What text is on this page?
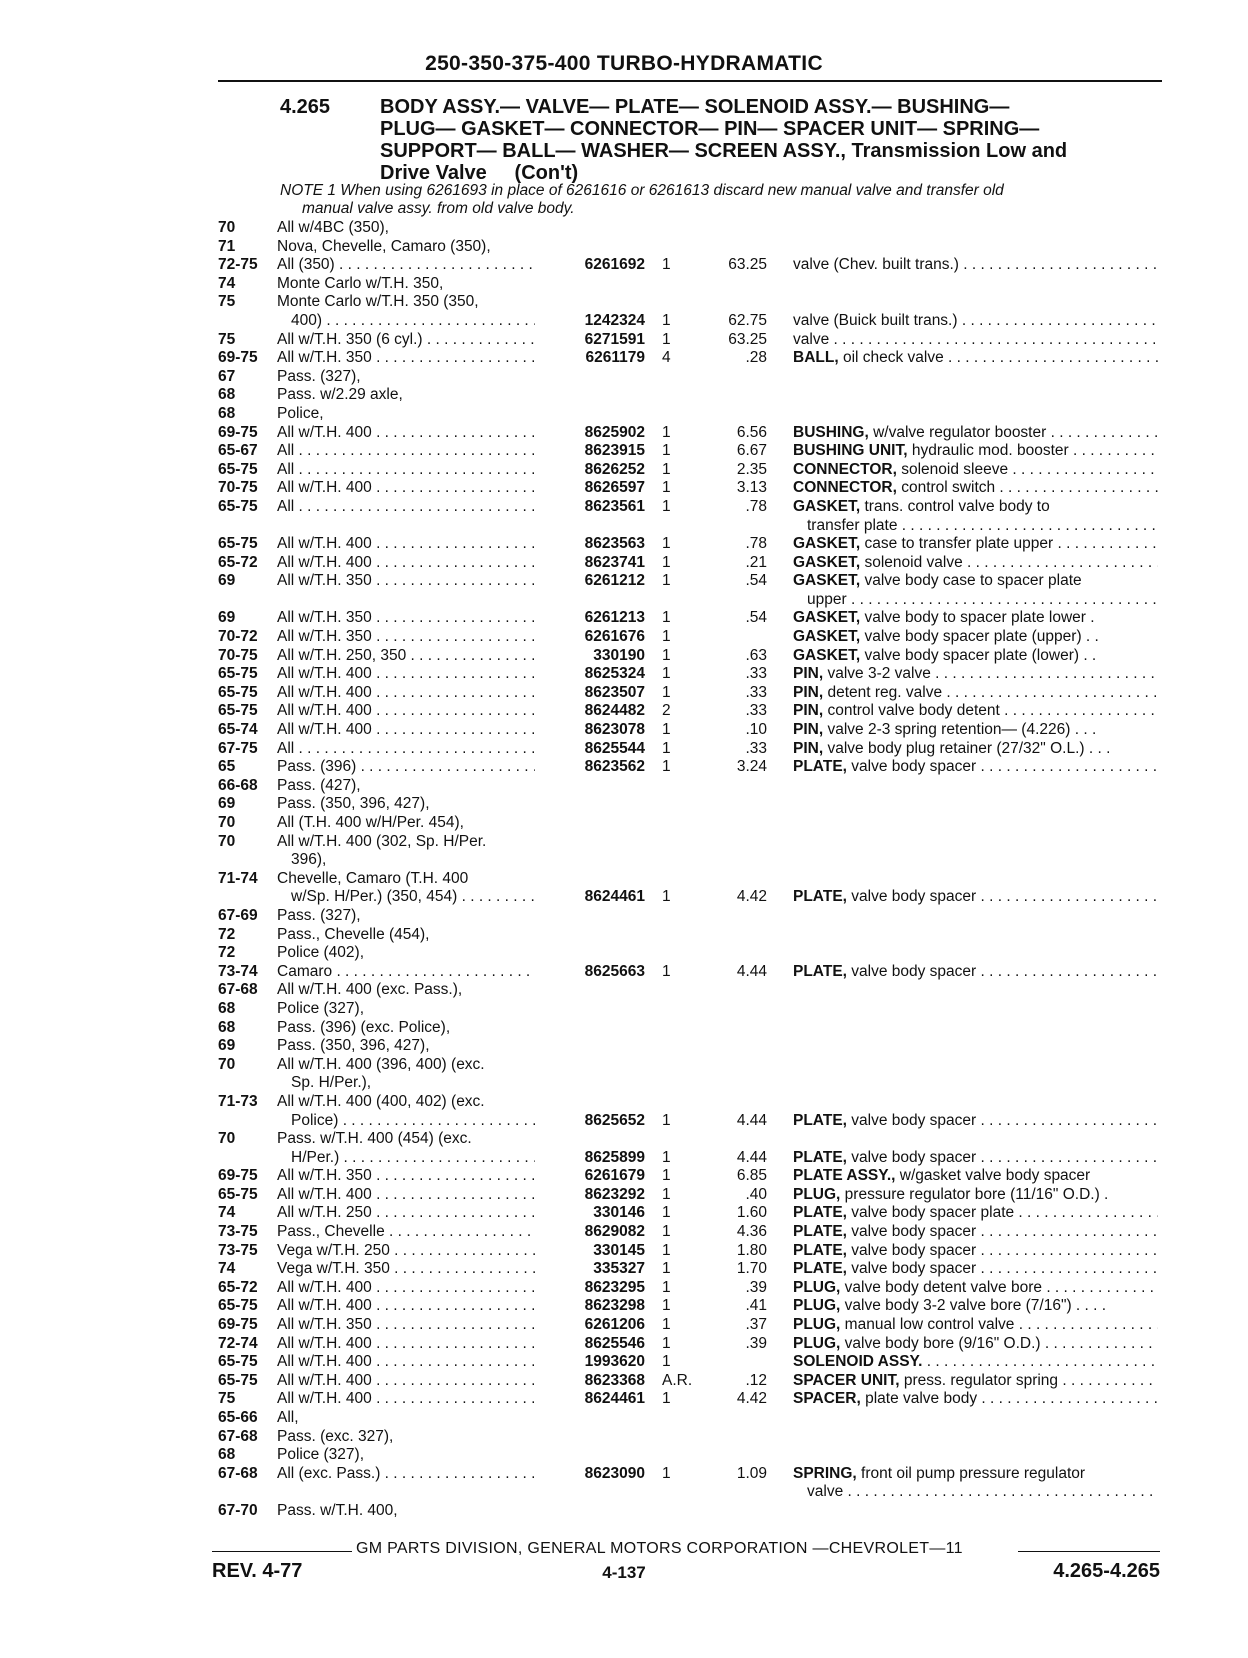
250-350-375-400 TURBO-HYDRAMATIC
4.265 BODY ASSY.— VALVE— PLATE— SOLENOID ASSY.— BUSHING—
PLUG— GASKET— CONNECTOR— PIN— SPACER UNIT— SPRING—
SUPPORT— BALL— WASHER— SCREEN ASSY., Transmission Low and
Drive Valve     (Con't)
NOTE 1 When using 6261693 in place of 6261616 or 6261613 discard new manual valve and transfer old
manual valve assy. from old valve body.
70	All w/4BC (350),
71	Nova, Chevelle, Camaro (350),
72-75 All (350) . . .	6261692 1	63.25 valve (Chev. built trans.) . . .
74	Monte Carlo w/T.H. 350,
75	Monte Carlo w/T.H. 350 (350,
400) . . .	1242324 1	62.75 valve (Buick built trans.) . . .
75	All w/T.H. 350 (6 cyl.) . . .	6271591 1	63.25 valve . . .
69-75 All w/T.H. 350 . . .	6261179 4	.28 BALL, oil check valve . . .
67	Pass. (327),
68	Pass. w/2.29 axle,
68	Police,
69-75 All w/T.H. 400 . . .	8625902 1	6.56 BUSHING, w/valve regulator booster . . .
65-67 All . . .	8623915 1	6.67 BUSHING UNIT, hydraulic mod. booster . . .
65-75 All . . .	8626252 1	2.35 CONNECTOR, solenoid sleeve . . .
70-75 All w/T.H. 400 . . .	8626597 1	3.13 CONNECTOR, control switch . . .
65-75 All . . .	8623561 1	.78 GASKET, trans. control valve body to
transfer plate . . .
65-75 All w/T.H. 400 . . .	8623563 1	.78 GASKET, case to transfer plate upper . . .
65-72 All w/T.H. 400 . . .	8623741 1	.21 GASKET, solenoid valve . . .
69	All w/T.H. 350 . . .	6261212 1	.54 GASKET, valve body case to spacer plate
upper . . .
69	All w/T.H. 350 . . .	6261213 1	.54 GASKET, valve body to spacer plate lower .
70-72 All w/T.H. 350 . . .	6261676 1	GASKET, valve body spacer plate (upper) . .
70-75 All w/T.H. 250, 350 . . .	330190 1	.63 GASKET, valve body spacer plate (lower) . .
65-75 All w/T.H. 400 . . .	8625324 1	.33 PIN, valve 3-2 valve . . .
65-75 All w/T.H. 400 . . .	8623507 1	.33 PIN, detent reg. valve . . .
65-75 All w/T.H. 400 . . .	8624482 2	.33 PIN, control valve body detent . . .
65-74 All w/T.H. 400 . . .	8623078 1	.10 PIN, valve 2-3 spring retention— (4.226) . . .
67-75 All . . .	8625544 1	.33 PIN, valve body plug retainer (27/32" O.L.) . . .
65	Pass. (396) . . .	8623562 1	3.24 PLATE, valve body spacer . . .
66-68 Pass. (427),
69	Pass. (350, 396, 427),
70	All (T.H. 400 w/H/Per. 454),
70	All w/T.H. 400 (302, Sp. H/Per.
396),
71-74 Chevelle, Camaro (T.H. 400
w/Sp. H/Per.) (350, 454) . . .	8624461 1	4.42 PLATE, valve body spacer . . .
67-69 Pass. (327),
72	Pass., Chevelle (454),
72	Police (402),
73-74 Camaro . . .	8625663 1	4.44 PLATE, valve body spacer . . .
67-68 All w/T.H. 400 (exc. Pass.),
68	Police (327),
68	Pass. (396) (exc. Police),
69	Pass. (350, 396, 427),
70	All w/T.H. 400 (396, 400) (exc.
Sp. H/Per.),
71-73 All w/T.H. 400 (400, 402) (exc.
Police) . . .	8625652 1	4.44 PLATE, valve body spacer . . .
70	Pass. w/T.H. 400 (454) (exc.
H/Per.) . . .	8625899 1	4.44 PLATE, valve body spacer . . .
69-75 All w/T.H. 350 . . .	6261679 1	6.85 PLATE ASSY., w/gasket valve body spacer
65-75 All w/T.H. 400 . . .	8623292 1	.40 PLUG, pressure regulator bore (11/16" O.D.) .
74	All w/T.H. 250 . . .	330146 1	1.60 PLATE, valve body spacer plate . . .
73-75 Pass., Chevelle . . .	8629082 1	4.36 PLATE, valve body spacer . . .
73-75 Vega w/T.H. 250 . . .	330145 1	1.80 PLATE, valve body spacer . . .
74	Vega w/T.H. 350 . . .	335327 1	1.70 PLATE, valve body spacer . . .
65-72 All w/T.H. 400 . . .	8623295 1	.39 PLUG, valve body detent valve bore . . .
65-75 All w/T.H. 400 . . .	8623298 1	.41 PLUG, valve body 3-2 valve bore (7/16") . . . .
69-75 All w/T.H. 350 . . .	6261206 1	.37 PLUG, manual low control valve . . .
72-74 All w/T.H. 400 . . .	8625546 1	.39 PLUG, valve body bore (9/16" O.D.) . . .
65-75 All w/T.H. 400 . . .	1993620 1	SOLENOID ASSY. . . .
65-75 All w/T.H. 400 . . .	8623368 A.R.	.12 SPACER UNIT, press. regulator spring . . .
75	All w/T.H. 400 . . .	8624461 1	4.42 SPACER, plate valve body . . .
65-66 All,
67-68 Pass. (exc. 327),
68	Police (327),
67-68 All (exc. Pass.) . . .	8623090 1	1.09 SPRING, front oil pump pressure regulator
valve . . .
67-70 Pass. w/T.H. 400,
GM PARTS DIVISION, GENERAL MOTORS CORPORATION —CHEVROLET—11
REV. 4-77	4-137	4.265-4.265
